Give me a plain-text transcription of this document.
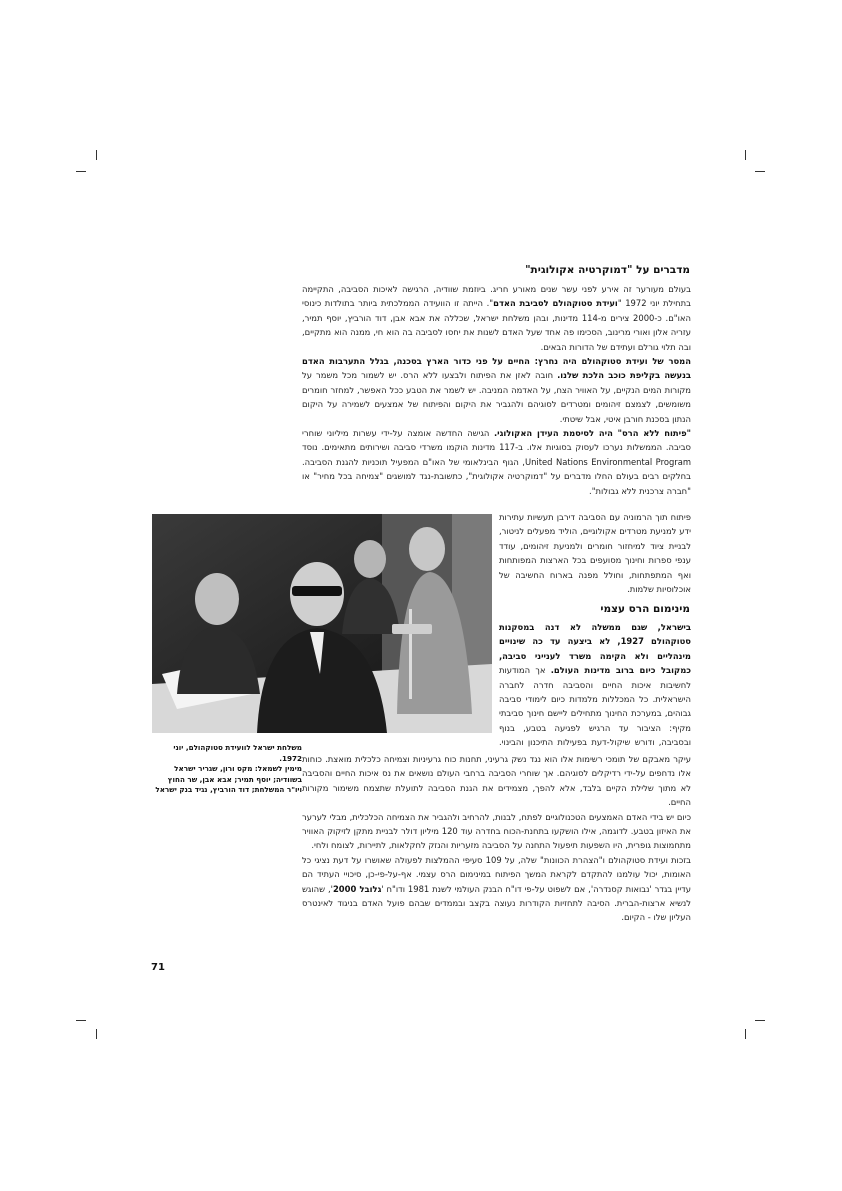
מדברים על "דמוקרטיה אקולוגית"

בעולם מעורער זה אירע לפני עשר שנים מאורע חריג. ביוזמת שוודיה, הרגישה לאיכות הסביבה, התקיימה בתחילת יוני 1972 "ועידת סטוקהולם לסביבת האדם". הייתה זו הוועידה הממלכתית ביותר בתולדות כינוסי האו"ם. כ-2000 צירים מ-114 מדינות, ובהן משלחת ישראל, שכללה את אבא אבן, דוד הורביץ, יוסף תמיר, עזריה אלון ואורי מרינוב, הסכימו פה אחד שעל האדם לשנות את יחסו לסביבה בה הוא חי, ממנה הוא מתקיים, ובה תלוי גורלם ועתידם של הדורות הבאים.

המסר של ועידת סטוקהולם היה נחרץ: החיים על פני כדור הארץ בסכנה, בגלל התערבות האדם בנעשה בקליפת כוכב הלכת שלנו. חובה לאזן את הפיתוח ולבצעו ללא הרס. יש לשמור מכל משמר על מקורות המים הנקיים, על האוויר הצח, על האדמה המניבה. יש לשמר את הטבע ככל האפשר, למחזר חומרים משומשים, לצמצם זיהומים ומטרדים לסוגיהם ולהגביר את היקום והפיתוח של אמצעים לשמירה על היקום הנתון בסכנת חורבן איטי, אבל שיטתי.

"פיתוח ללא הרס" היה לסיסמת העידן האקולוגי. הגישה החדשה אומצה על-ידי עשרות מיליוני שוחרי סביבה. הממשלות נערכו לעסוק בסוגיות אלו. ב-117 מדינות הוקמו משרדי סביבה ושירותים מתאימים. נוסד United Nations Environmental Program, הגוף הבינלאומי של האו"ם המפעיל תוכניות להגנת הסביבה. בחלקים רבים בעולם החלו מדברים על "דמוקרטיה אקולוגית", כתשובת-נגד למושגים "צמיחה בכל מחיר" או "חברה צרכנית ללא גבולות".

פיתוח תוך הרמוניה עם הסביבה דירבן תעשיות עתירות ידע למניעת מטרדים אקולוגיים, הוליד מפעלים לניטור, לבניית ציוד למיחזור חומרים ולמניעת זיהומים, עודד ענפי ספרות וחינוך מסועפים בכל הארצות המפותחות ואף המתפתחות, וחולל מפנה בארוח החשיבה של אוכלוסיות שלמות.

מינימום הרס עצמי

בישראל, שגם ממשלה לא דנה במסקנות סטוקהולם 1927, לא ביצעה עד כה שינויים מינהליים ולא הקימה משרד לענייני סביבה, כמקובל כיום ברוב מדינות העולם. אך המודעות לחשיבות איכות החיים והסביבה חדרה לחברה הישראלית. כל המכללות מלמדות כיום לימודי סביבה גבוהים, במערכת החינוך מתחילים ליישם חינוך סביבתי מקיף: הציבור עד הרגיש לפגיעה בטבע, בנוף ובסביבה, ודורש שיקול-דעת בפעילות התיכנון והבינוי.

עיקר מאבקם של תומכי רשימות אלו הוא נגד נשק גרעיני, תחנות כוח גרעיניות וצמיחה כלכלית מואצת. כוחות אלו נדחפים על-ידי רדיקלים לסוגיהם. אך שוחרי הסביבה ברחבי העולם נושאים את נס איכות החיים והסביבה לא מתוך שלילת הקיים בלבד, אלא להפך, מצמידים את הגנת הסביבה לתועלת שתצמח משימור מקורות החיים.

כיום יש בידי האדם האמצעים הטכנולוגיים לפתח, לבנות, להרחיב ולהגביר את הצמיחה הכלכלית, מבלי לערער את האיזון בטבע. לדוגמה, אילו הושקעו בתחנת-הכוח בחדרה עוד 120 מיליון דולר לבניית מתקן לזיקוק האוויר מתחמוצות גופרית, היו השפעות תיפעול התחנה על הסביבה מזעריות והנזק לחקלאות, לתיירות, לצומח ולחי.

בזכות ועידת סטוקהולם ו"הצהרת הכוונות" שלה, על 109 סעיפי ההמלצות לפעולה שאושרו על דעת נציגי כל האומות, יכול עולמנו להתקדם לקראת המשך הפיתוח במינימום הרס עצמי. אף-על-פי-כן, סיכויי העתיד הם עדיין בגדר 'נבואות קסנדרה', אם לשפוט על-פי דו"ח הבנק העולמי לשנת 1981 ודו"ח 'גלובל 2000', שהוגש לנשיא ארצות-הברית. הסיבה לתחזיות הקודרות נעוצה בקצב ובממדים שבהם פועל האדם בניגוד לאינטרס העליון שלו - הקיום.

משלחת ישראל לוועידת סטוקהולם, יוני 1972.
מימין לשמאל: מקס ורון, שגריר ישראל בשוודיה; יוסף תמיר; אבא אבן, שר החוץ ויו"ר המשלחת; דוד הורביץ, נגיד בנק ישראל
71
